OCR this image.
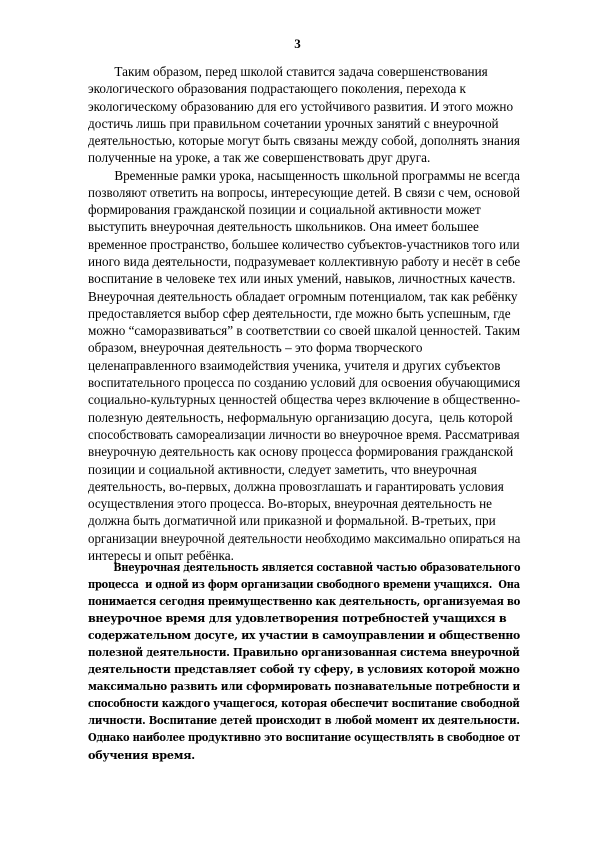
3
Таким образом, перед школой ставится задача совершенствования
экологического образования подрастающего поколения, перехода к
экологическому образованию для его устойчивого развития. И этого можно
достичь лишь при правильном сочетании урочных занятий с внеурочной
деятельностью, которые могут быть связаны между собой, дополнять знания
полученные на уроке, а так же совершенствовать друг друга.
Временные рамки урока, насыщенность школьной программы не всегда
позволяют ответить на вопросы, интересующие детей. В связи с чем, основой
формирования гражданской позиции и социальной активности может
выступить внеурочная деятельность школьников. Она имеет большее
временное пространство, большее количество субъектов-участников того или
иного вида деятельности, подразумевает коллективную работу и несёт в себе
воспитание в человеке тех или иных умений, навыков, личностных качеств.
Внеурочная деятельность обладает огромным потенциалом, так как ребёнку
предоставляется выбор сфер деятельности, где можно быть успешным, где
можно “саморазвиваться” в соответствии со своей шкалой ценностей. Таким
образом, внеурочная деятельность – это форма творческого
целенаправленного взаимодействия ученика, учителя и других субъектов
воспитательного процесса по созданию условий для освоения обучающимися
социально-культурных ценностей общества через включение в общественно-
полезную деятельность, неформальную организацию досуга,  цель которой
способствовать самореализации личности во внеурочное время. Рассматривая
внеурочную деятельность как основу процесса формирования гражданской
позиции и социальной активности, следует заметить, что внеурочная
деятельность, во-первых, должна провозглашать и гарантировать условия
осуществления этого процесса. Во-вторых, внеурочная деятельность не
должна быть догматичной или приказной и формальной. В-третьих, при
организации внеурочной деятельности необходимо максимально опираться на
интересы и опыт ребёнка.
Внеурочная деятельность является составной частью образовательного
процесса  и одной из форм организации свободного времени учащихся.  Она
понимается сегодня преимущественно как деятельность, организуемая во
внеурочное время для удовлетворения потребностей учащихся в
содержательном досуге, их участии в самоуправлении и общественно
полезной деятельности. Правильно организованная система внеурочной
деятельности представляет собой ту сферу, в условиях которой можно
максимально развить или сформировать познавательные потребности и
способности каждого учащегося, которая обеспечит воспитание свободной
личности. Воспитание детей происходит в любой момент их деятельности.
Однако наиболее продуктивно это воспитание осуществлять в свободное от
обучения время.
